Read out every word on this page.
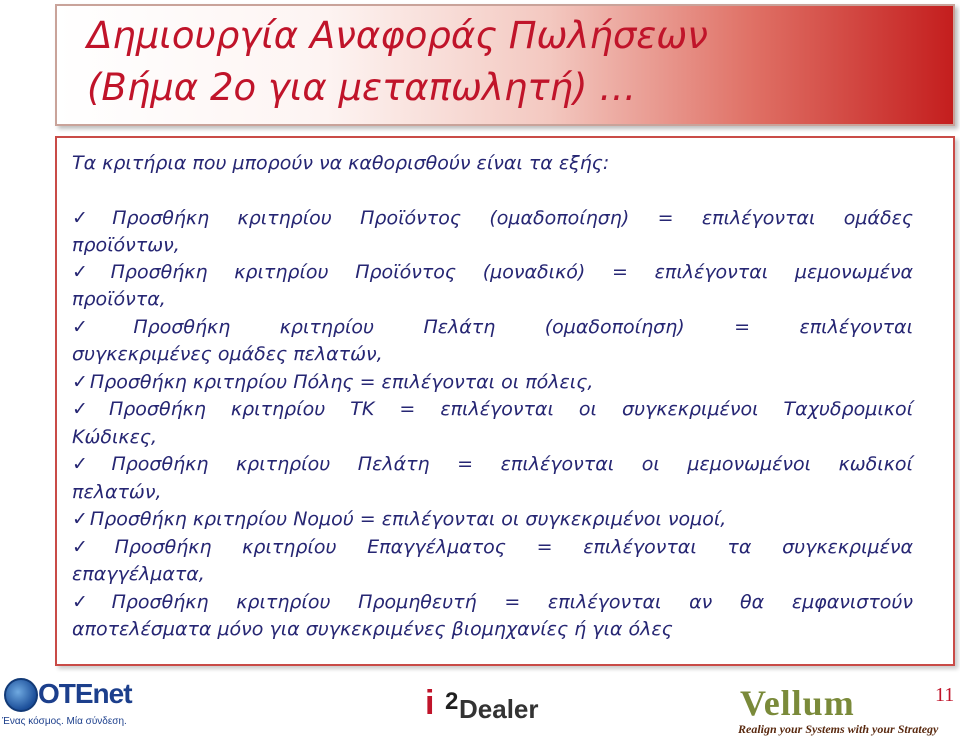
Δημιουργία Αναφοράς Πωλήσεων
(Βήμα 2ο για μεταπωλητή) …
Τα κριτήρια που μπορούν να καθορισθούν είναι τα εξής:
✓ Προσθήκη κριτηρίου Προϊόντος (ομαδοποίηση) = επιλέγονται ομάδες
προϊόντων,
✓ Προσθήκη κριτηρίου Προϊόντος (μοναδικό) = επιλέγονται μεμονωμένα
προϊόντα,
✓ Προσθήκη κριτηρίου Πελάτη (ομαδοποίηση) = επιλέγονται
συγκεκριμένες ομάδες πελατών,
✓ Προσθήκη κριτηρίου Πόλης = επιλέγονται οι πόλεις,
✓ Προσθήκη κριτηρίου ΤΚ = επιλέγονται οι συγκεκριμένοι Ταχυδρομικοί
Κώδικες,
✓ Προσθήκη κριτηρίου Πελάτη = επιλέγονται οι μεμονωμένοι κωδικοί
πελατών,
✓ Προσθήκη κριτηρίου Νομού = επιλέγονται οι συγκεκριμένοι νομοί,
✓ Προσθήκη κριτηρίου Επαγγέλματος = επιλέγονται τα συγκεκριμένα
επαγγέλματα,
✓ Προσθήκη κριτηρίου Προμηθευτή = επιλέγονται αν θα εμφανιστούν
αποτελέσματα μόνο για συγκεκριμένες βιομηχανίες ή για όλες
OTEnet
Ένας κόσμος. Μία σύνδεση.	i 2 Dealer	Vellum
Realign your Systems with your Strategy
11
